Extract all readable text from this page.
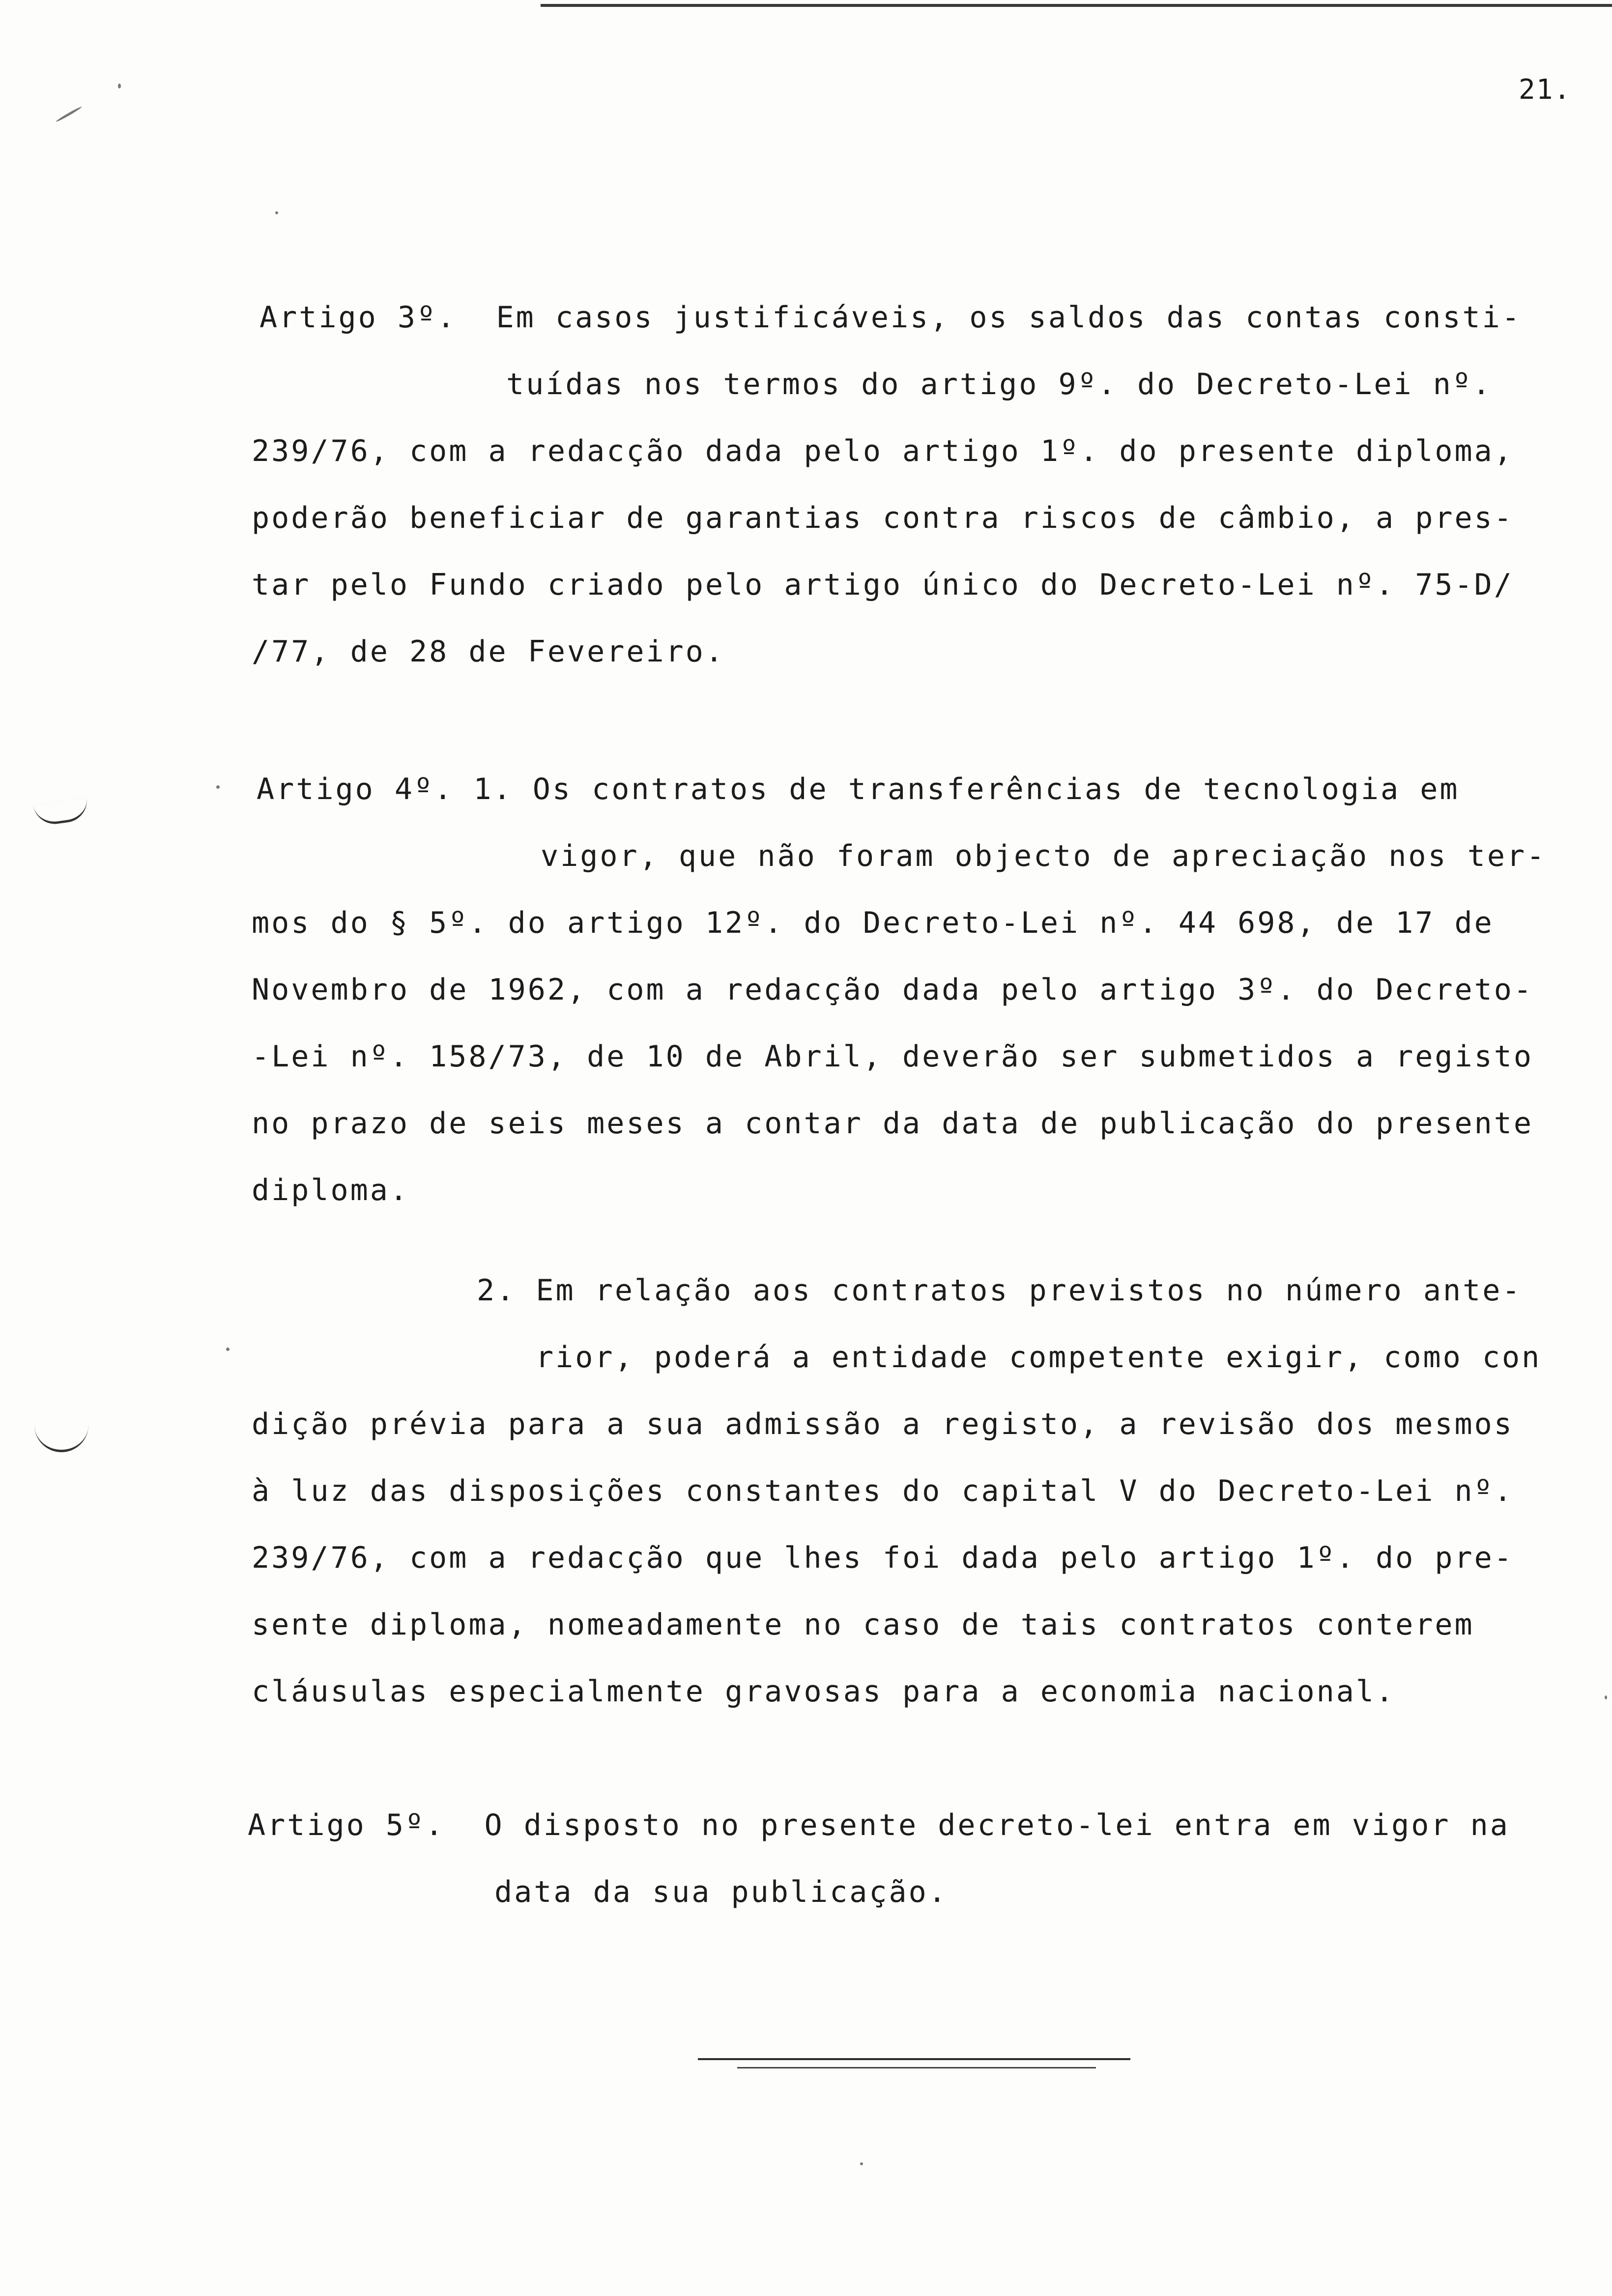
21.
Artigo 3º.  Em casos justificáveis, os saldos das contas consti-
tuídas nos termos do artigo 9º. do Decreto-Lei nº.
239/76, com a redacção dada pelo artigo 1º. do presente diploma,
poderão beneficiar de garantias contra riscos de câmbio, a pres-
tar pelo Fundo criado pelo artigo único do Decreto-Lei nº. 75-D/
/77, de 28 de Fevereiro.
Artigo 4º. 1. Os contratos de transferências de tecnologia em
vigor, que não foram objecto de apreciação nos ter-
mos do § 5º. do artigo 12º. do Decreto-Lei nº. 44 698, de 17 de
Novembro de 1962, com a redacção dada pelo artigo 3º. do Decreto-
-Lei nº. 158/73, de 10 de Abril, deverão ser submetidos a registo
no prazo de seis meses a contar da data de publicação do presente
diploma.
2. Em relação aos contratos previstos no número ante-
rior, poderá a entidade competente exigir, como con
dição prévia para a sua admissão a registo, a revisão dos mesmos
à luz das disposições constantes do capital V do Decreto-Lei nº.
239/76, com a redacção que lhes foi dada pelo artigo 1º. do pre-
sente diploma, nomeadamente no caso de tais contratos conterem
cláusulas especialmente gravosas para a economia nacional.
Artigo 5º.  O disposto no presente decreto-lei entra em vigor na
data da sua publicação.
